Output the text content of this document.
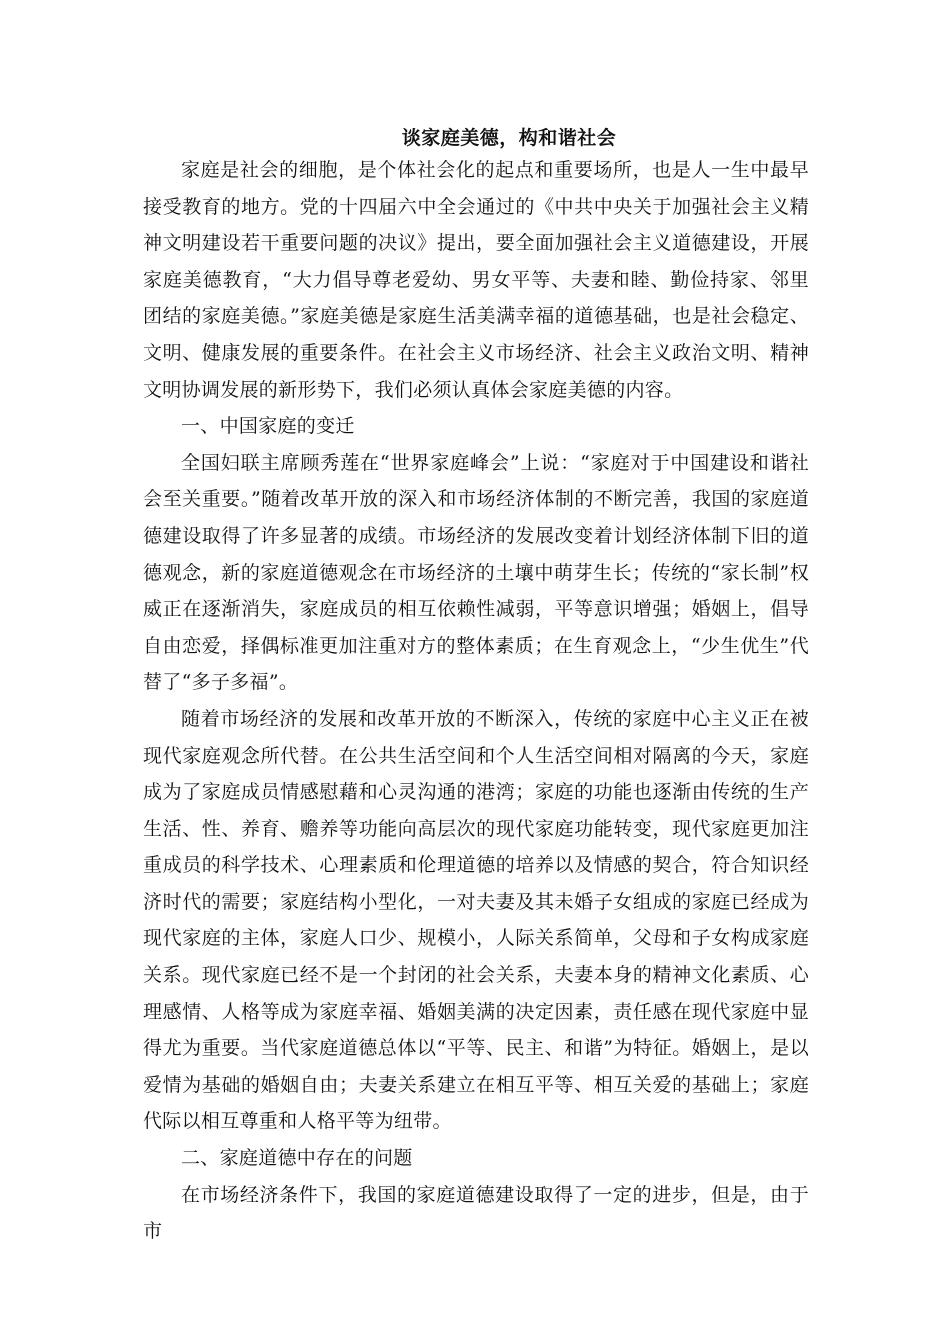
谈家庭美德，构和谐社会

家庭是社会的细胞，是个体社会化的起点和重要场所，也是人一生中最早接受教育的地方。党的十四届六中全会通过的《中共中央关于加强社会主义精神文明建设若干重要问题的决议》提出，要全面加强社会主义道德建设，开展家庭美德教育，“大力倡导尊老爱幼、男女平等、夫妻和睦、勤俭持家、邻里团结的家庭美德。”家庭美德是家庭生活美满幸福的道德基础，也是社会稳定、文明、健康发展的重要条件。在社会主义市场经济、社会主义政治文明、精神文明协调发展的新形势下，我们必须认真体会家庭美德的内容。

一、中国家庭的变迁

全国妇联主席顾秀莲在“世界家庭峰会”上说：“家庭对于中国建设和谐社会至关重要。”随着改革开放的深入和市场经济体制的不断完善，我国的家庭道德建设取得了许多显著的成绩。市场经济的发展改变着计划经济体制下旧的道德观念，新的家庭道德观念在市场经济的土壤中萌芽生长；传统的“家长制”权威正在逐渐消失，家庭成员的相互依赖性减弱，平等意识增强；婚姻上，倡导自由恋爱，择偶标准更加注重对方的整体素质；在生育观念上，“少生优生”代替了“多子多福”。

随着市场经济的发展和改革开放的不断深入，传统的家庭中心主义正在被现代家庭观念所代替。在公共生活空间和个人生活空间相对隔离的今天，家庭成为了家庭成员情感慰藉和心灵沟通的港湾；家庭的功能也逐渐由传统的生产生活、性、养育、赡养等功能向高层次的现代家庭功能转变，现代家庭更加注重成员的科学技术、心理素质和伦理道德的培养以及情感的契合，符合知识经济时代的需要；家庭结构小型化，一对夫妻及其未婚子女组成的家庭已经成为现代家庭的主体，家庭人口少、规模小，人际关系简单，父母和子女构成家庭关系。现代家庭已经不是一个封闭的社会关系，夫妻本身的精神文化素质、心理感情、人格等成为家庭幸福、婚姻美满的决定因素，责任感在现代家庭中显得尤为重要。当代家庭道德总体以“平等、民主、和谐”为特征。婚姻上，是以爱情为基础的婚姻自由；夫妻关系建立在相互平等、相互关爱的基础上；家庭代际以相互尊重和人格平等为纽带。

二、家庭道德中存在的问题

在市场经济条件下，我国的家庭道德建设取得了一定的进步，但是，由于市
